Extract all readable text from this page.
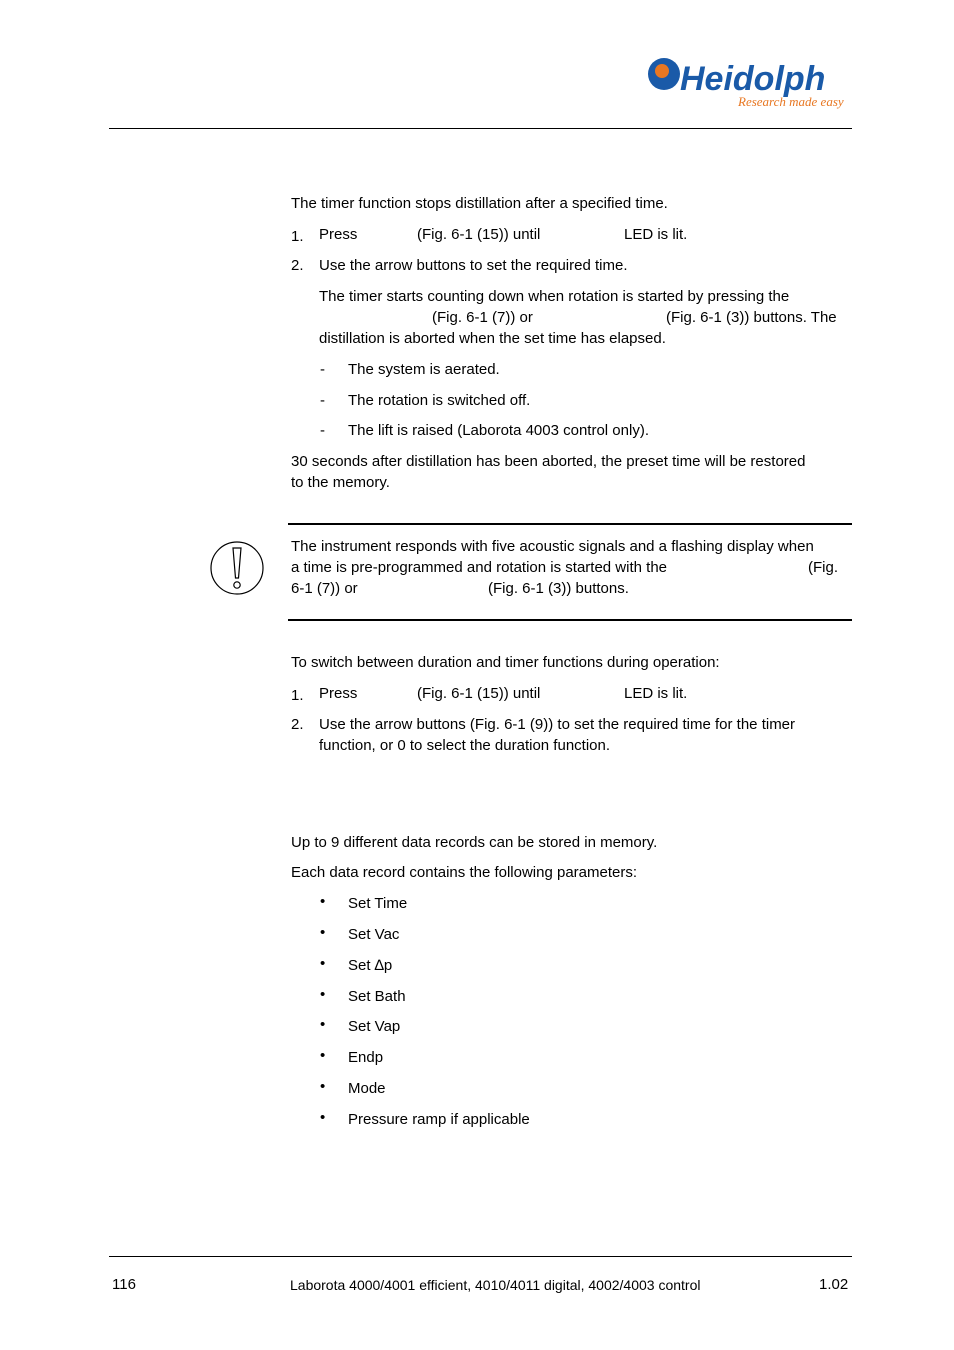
Heidolph
Research made easy
The timer function stops distillation after a specified time.
1. Press	(Fig. 6-1 (15)) until	LED is lit.
2. Use the arrow buttons to set the required time.
The timer starts counting down when rotation is started by pressing the
(Fig. 6-1 (7)) or	(Fig. 6-1 (3)) buttons. The
distillation is aborted when the set time has elapsed.
- The system is aerated.
- The rotation is switched off.
- The lift is raised (Laborota 4003 control only).
30 seconds after distillation has been aborted, the preset time will be restored
to the memory.
The instrument responds with five acoustic signals and a flashing display when
a time is pre-programmed and rotation is started with the	(Fig.
6-1 (7)) or	(Fig. 6-1 (3)) buttons.
To switch between duration and timer functions during operation:
1. Press	(Fig. 6-1 (15)) until	LED is lit.
2. Use the arrow buttons (Fig. 6-1 (9)) to set the required time for the timer
function, or 0 to select the duration function.
Up to 9 different data records can be stored in memory.
Each data record contains the following parameters:
• Set Time
• Set Vac
• Set ∆p
• Set Bath
• Set Vap
• Endp
• Mode
• Pressure ramp if applicable
116	Laborota 4000/4001 efficient, 4010/4011 digital, 4002/4003 control	1.02
